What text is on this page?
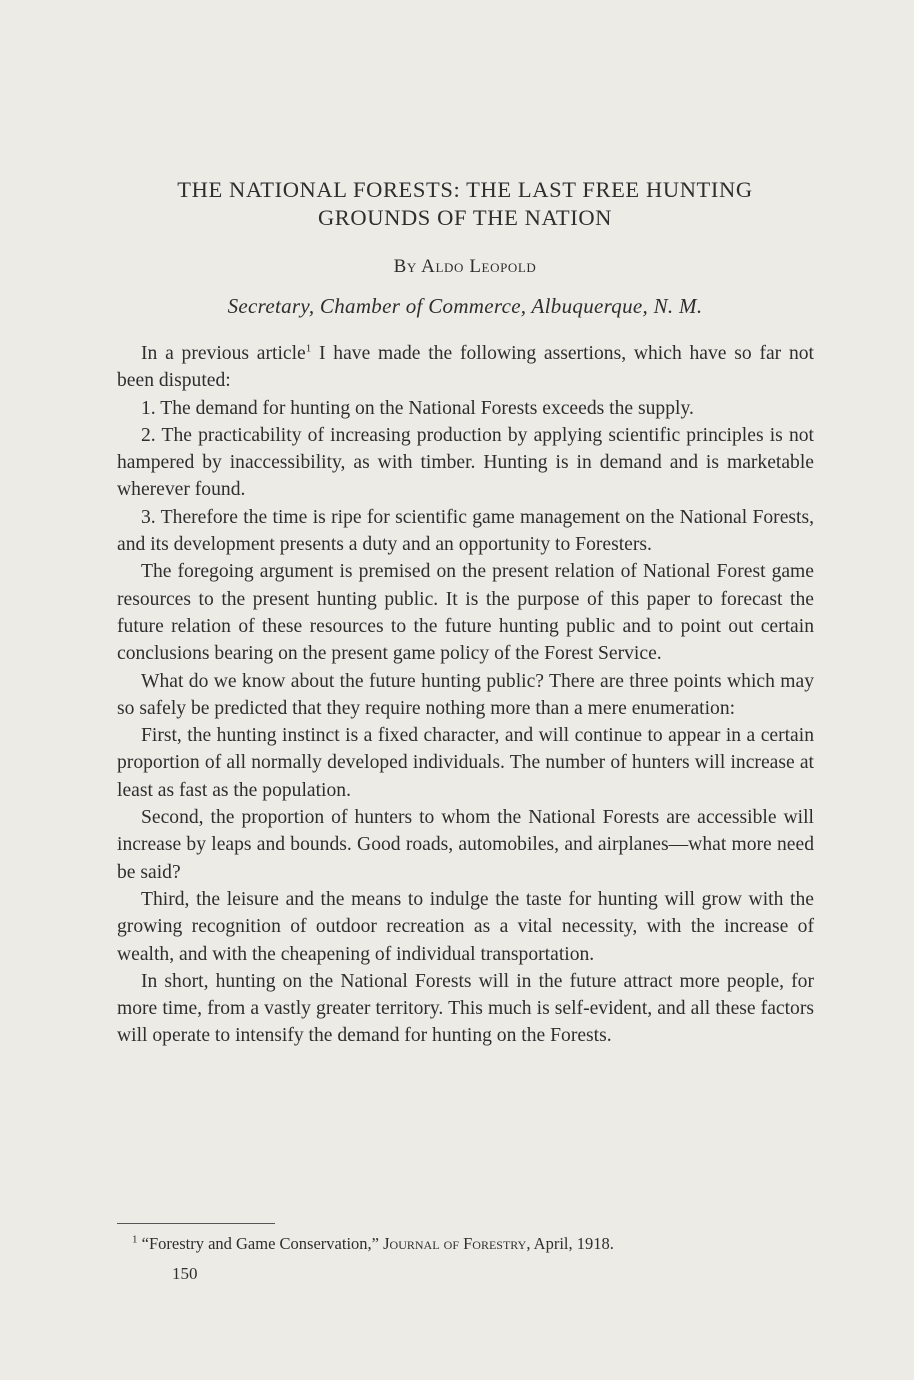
THE NATIONAL FORESTS: THE LAST FREE HUNTING
GROUNDS OF THE NATION
By Aldo Leopold
Secretary, Chamber of Commerce, Albuquerque, N. M.

In a previous article$^1$ I have made the following assertions, which have so far not been disputed:

1. The demand for hunting on the National Forests exceeds the supply.

2. The practicability of increasing production by applying scientific principles is not hampered by inaccessibility, as with timber. Hunting is in demand and is marketable wherever found.

3. Therefore the time is ripe for scientific game management on the National Forests, and its development presents a duty and an opportunity to Foresters.

The foregoing argument is premised on the present relation of National Forest game resources to the present hunting public. It is the purpose of this paper to forecast the future relation of these resources to the future hunting public and to point out certain conclusions bearing on the present game policy of the Forest Service.

What do we know about the future hunting public? There are three points which may so safely be predicted that they require nothing more than a mere enumeration:

First, the hunting instinct is a fixed character, and will continue to appear in a certain proportion of all normally developed individuals. The number of hunters will increase at least as fast as the population.

Second, the proportion of hunters to whom the National Forests are accessible will increase by leaps and bounds. Good roads, automobiles, and airplanes—what more need be said?

Third, the leisure and the means to indulge the taste for hunting will grow with the growing recognition of outdoor recreation as a vital necessity, with the increase of wealth, and with the cheapening of individual transportation.

In short, hunting on the National Forests will in the future attract more people, for more time, from a vastly greater territory. This much is self-evident, and all these factors will operate to intensify the demand for hunting on the Forests.

$^1$ “Forestry and Game Conservation,” Journal of Forestry, April, 1918.
150
